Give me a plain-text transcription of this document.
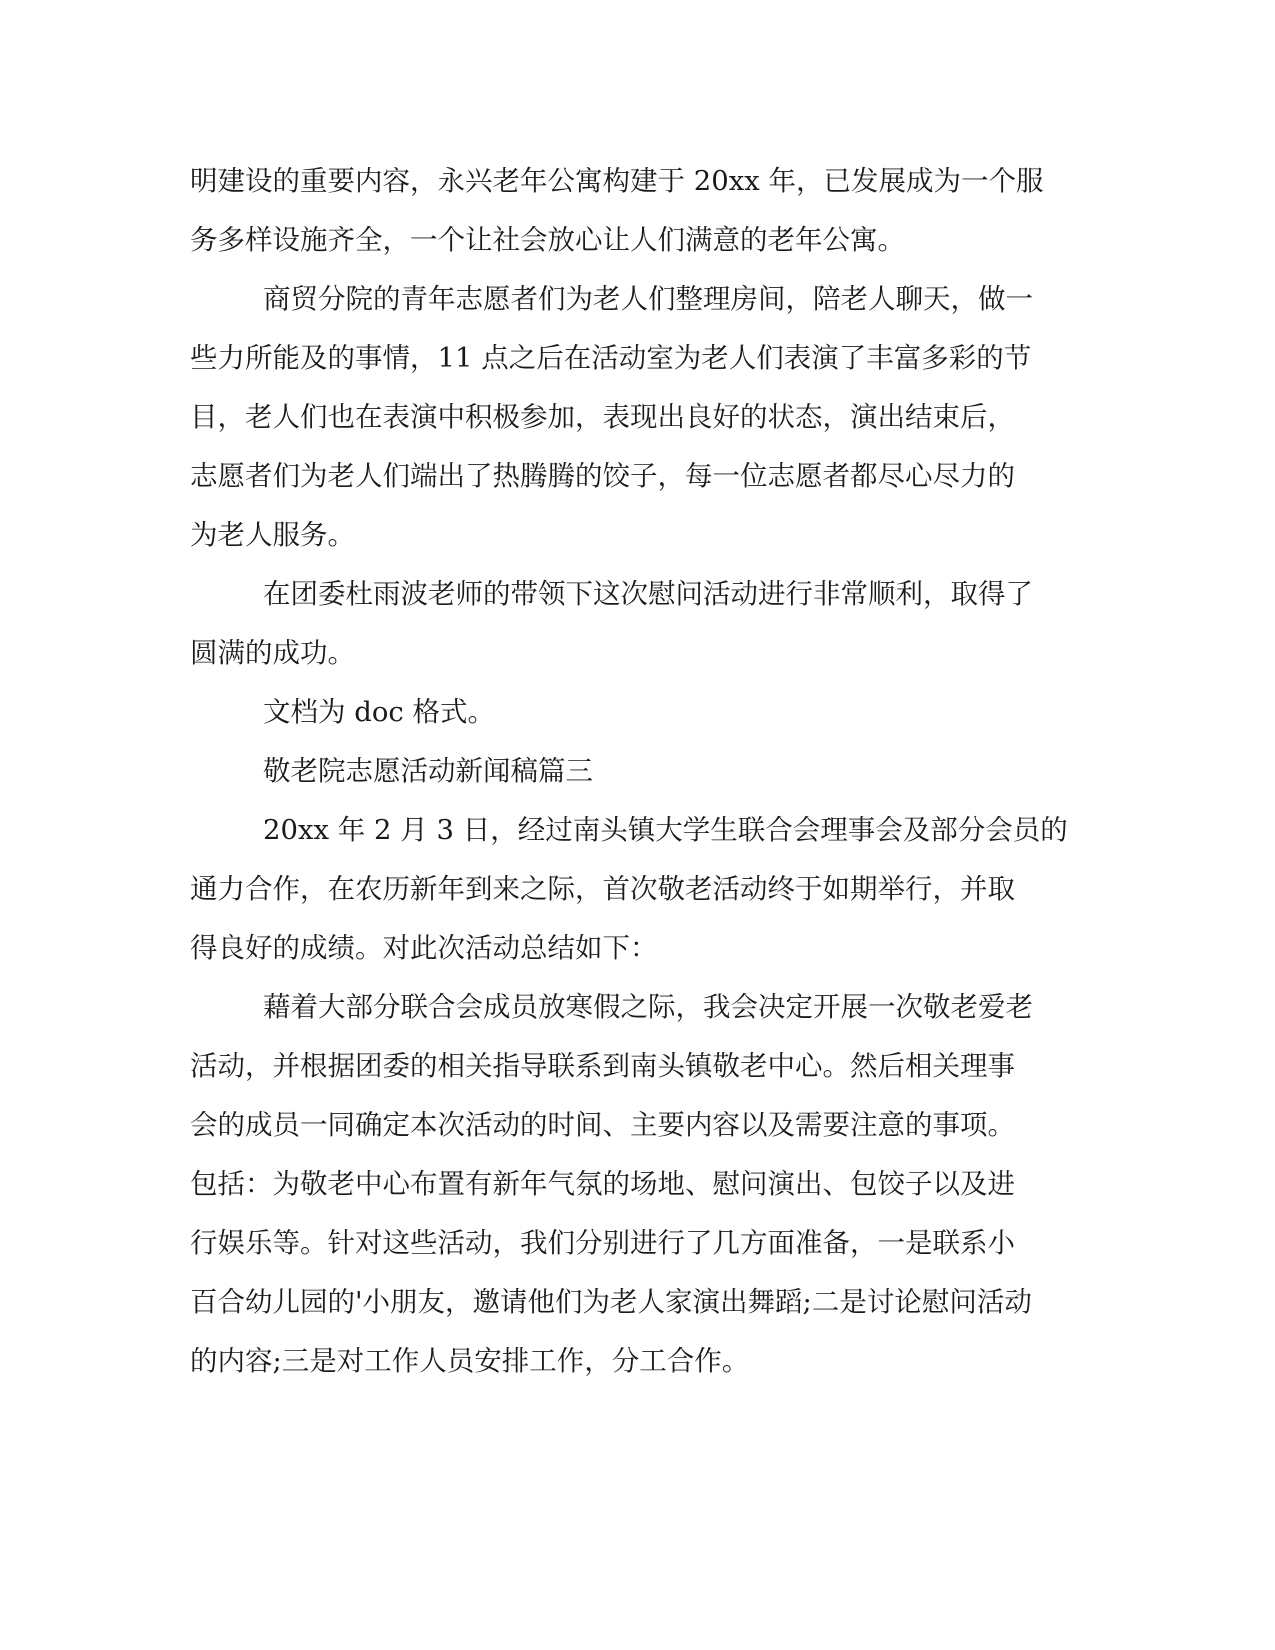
明建设的重要内容，永兴老年公寓构建于 20xx 年，已发展成为一个服
务多样设施齐全，一个让社会放心让人们满意的老年公寓。
商贸分院的青年志愿者们为老人们整理房间，陪老人聊天，做一
些力所能及的事情，11 点之后在活动室为老人们表演了丰富多彩的节
目，老人们也在表演中积极参加，表现出良好的状态，演出结束后，
志愿者们为老人们端出了热腾腾的饺子，每一位志愿者都尽心尽力的
为老人服务。
在团委杜雨波老师的带领下这次慰问活动进行非常顺利，取得了
圆满的成功。
文档为 doc 格式。
敬老院志愿活动新闻稿篇三
20xx 年 2 月 3 日，经过南头镇大学生联合会理事会及部分会员的
通力合作，在农历新年到来之际，首次敬老活动终于如期举行，并取
得良好的成绩。对此次活动总结如下：
藉着大部分联合会成员放寒假之际，我会决定开展一次敬老爱老
活动，并根据团委的相关指导联系到南头镇敬老中心。然后相关理事
会的成员一同确定本次活动的时间、主要内容以及需要注意的事项。
包括：为敬老中心布置有新年气氛的场地、慰问演出、包饺子以及进
行娱乐等。针对这些活动，我们分别进行了几方面准备，一是联系小
百合幼儿园的'小朋友，邀请他们为老人家演出舞蹈;二是讨论慰问活动
的内容;三是对工作人员安排工作，分工合作。
